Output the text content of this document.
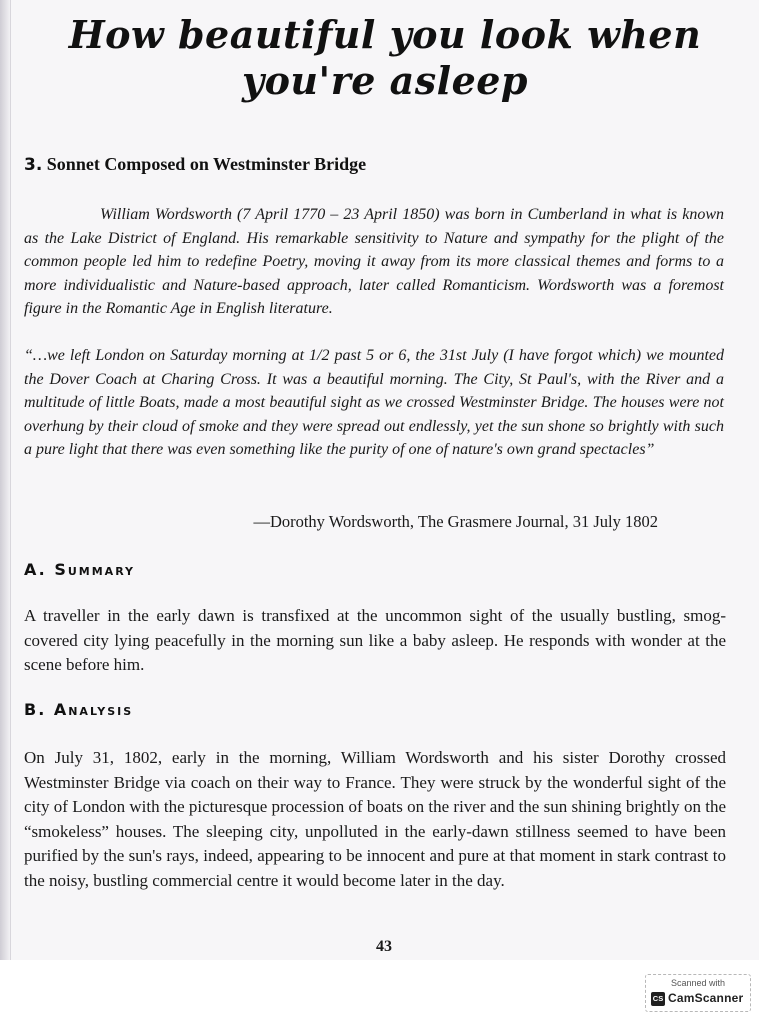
How beautiful you look when
you're asleep
3. Sonnet Composed on Westminster Bridge

William Wordsworth (7 April 1770 – 23 April 1850) was born in Cumberland in what is known as the Lake District of England. His remarkable sensitivity to Nature and sympathy for the plight of the common people led him to redefine Poetry, moving it away from its more classical themes and forms to a more individualistic and Nature-based approach, later called Romanticism. Wordsworth was a foremost figure in the Romantic Age in English literature.

“…we left London on Saturday morning at 1/2 past 5 or 6, the 31st July (I have forgot which) we mounted the Dover Coach at Charing Cross. It was a beautiful morning. The City, St Paul's, with the River and a multitude of little Boats, made a most beautiful sight as we crossed Westminster Bridge. The houses were not overhung by their cloud of smoke and they were spread out endlessly, yet the sun shone so brightly with such a pure light that there was even something like the purity of one of nature's own grand spectacles”

—Dorothy Wordsworth, The Grasmere Journal, 31 July 1802

A. Summary

A traveller in the early dawn is transfixed at the uncommon sight of the usually bustling, smog-covered city lying peacefully in the morning sun like a baby asleep. He responds with wonder at the scene before him.

B. Analysis

On July 31, 1802, early in the morning, William Wordsworth and his sister Dorothy crossed Westminster Bridge via coach on their way to France. They were struck by the wonderful sight of the city of London with the picturesque procession of boats on the river and the sun shining brightly on the “smokeless” houses. The sleeping city, unpolluted in the early-dawn stillness seemed to have been purified by the sun's rays, indeed, appearing to be innocent and pure at that moment in stark contrast to the noisy, bustling commercial centre it would become later in the day.

43

Scanned with
CS CamScanner
